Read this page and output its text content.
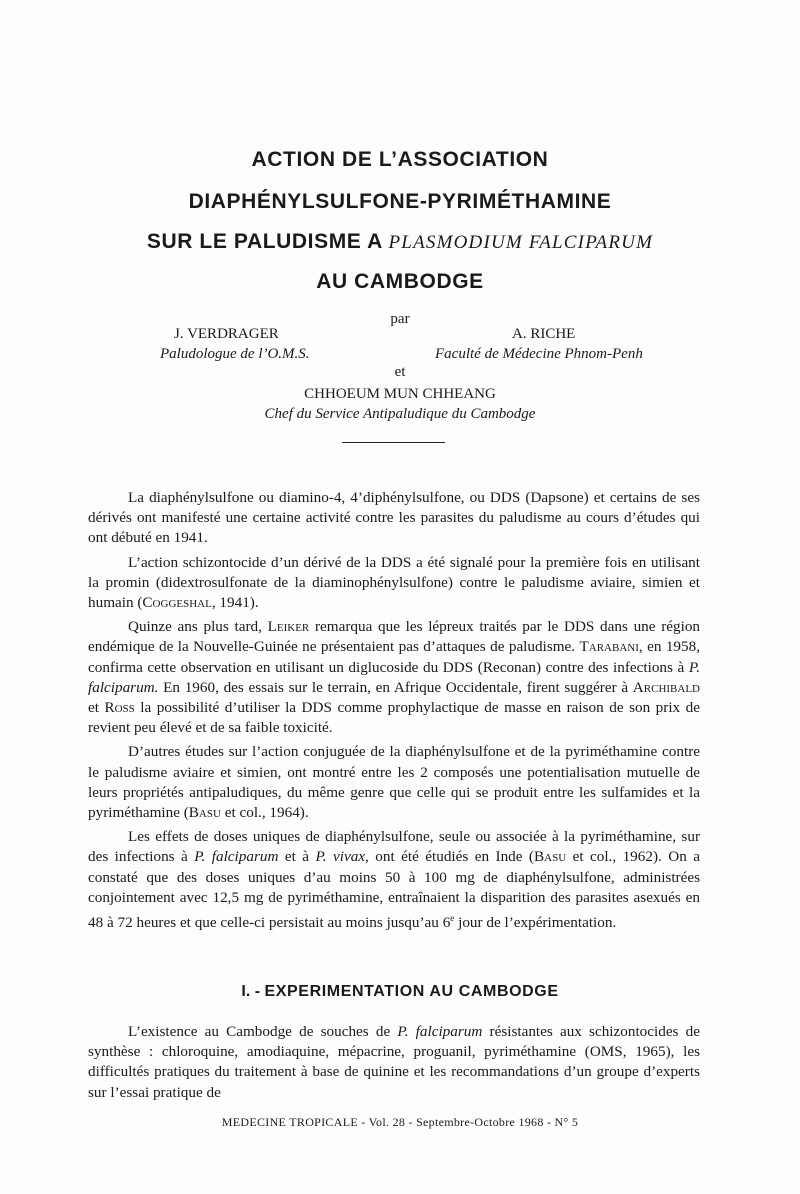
ACTION DE L’ASSOCIATION
DIAPHÉNYLSULFONE-PYRIMÉTHAMINE
SUR LE PALUDISME A PLASMODIUM FALCIPARUM
AU CAMBODGE
par
J. VERDRAGER	A. RICHE
Paludologue de l’O.M.S.	Faculté de Médecine Phnom-Penh
et
CHHOEUM MUN CHHEANG
Chef du Service Antipaludique du Cambodge

La diaphénylsulfone ou diamino-4, 4’diphénylsulfone, ou DDS (Dapsone) et certains de ses dérivés ont manifesté une certaine activité contre les parasites du paludisme au cours d’études qui ont débuté en 1941.

L’action schizontocide d’un dérivé de la DDS a été signalé pour la première fois en utilisant la promin (didextrosulfonate de la diaminophénylsulfone) contre le paludisme aviaire, simien et humain (Coggeshal, 1941).

Quinze ans plus tard, Leiker remarqua que les lépreux traités par le DDS dans une région endémique de la Nouvelle-Guinée ne présentaient pas d’attaques de paludisme. Tarabani, en 1958, confirma cette observation en utilisant un diglucoside du DDS (Reconan) contre des infections à P. falciparum. En 1960, des essais sur le terrain, en Afrique Occidentale, firent suggérer à Archibald et Ross la possibilité d’utiliser la DDS comme prophylactique de masse en raison de son prix de revient peu élevé et de sa faible toxicité.

D’autres études sur l’action conjuguée de la diaphénylsulfone et de la pyriméthamine contre le paludisme aviaire et simien, ont montré entre les 2 composés une potentialisation mutuelle de leurs propriétés antipaludiques, du même genre que celle qui se produit entre les sulfamides et la pyriméthamine (Basu et col., 1964).

Les effets de doses uniques de diaphénylsulfone, seule ou associée à la pyriméthamine, sur des infections à P. falciparum et à P. vivax, ont été étudiés en Inde (Basu et col., 1962). On a constaté que des doses uniques d’au moins 50 à 100 mg de diaphénylsulfone, administrées conjointement avec 12,5 mg de pyriméthamine, entraînaient la disparition des parasites asexués en 48 à 72 heures et que celle-ci persistait au moins jusqu’au 6e jour de l’expérimentation.

I. - EXPERIMENTATION AU CAMBODGE

L’existence au Cambodge de souches de P. falciparum résistantes aux schizontocides de synthèse : chloroquine, amodiaquine, mépacrine, proguanil, pyriméthamine (OMS, 1965), les difficultés pratiques du traitement à base de quinine et les recommandations d’un groupe d’experts sur l’essai pratique de

MEDECINE TROPICALE - Vol. 28 - Septembre-Octobre 1968 - N° 5
